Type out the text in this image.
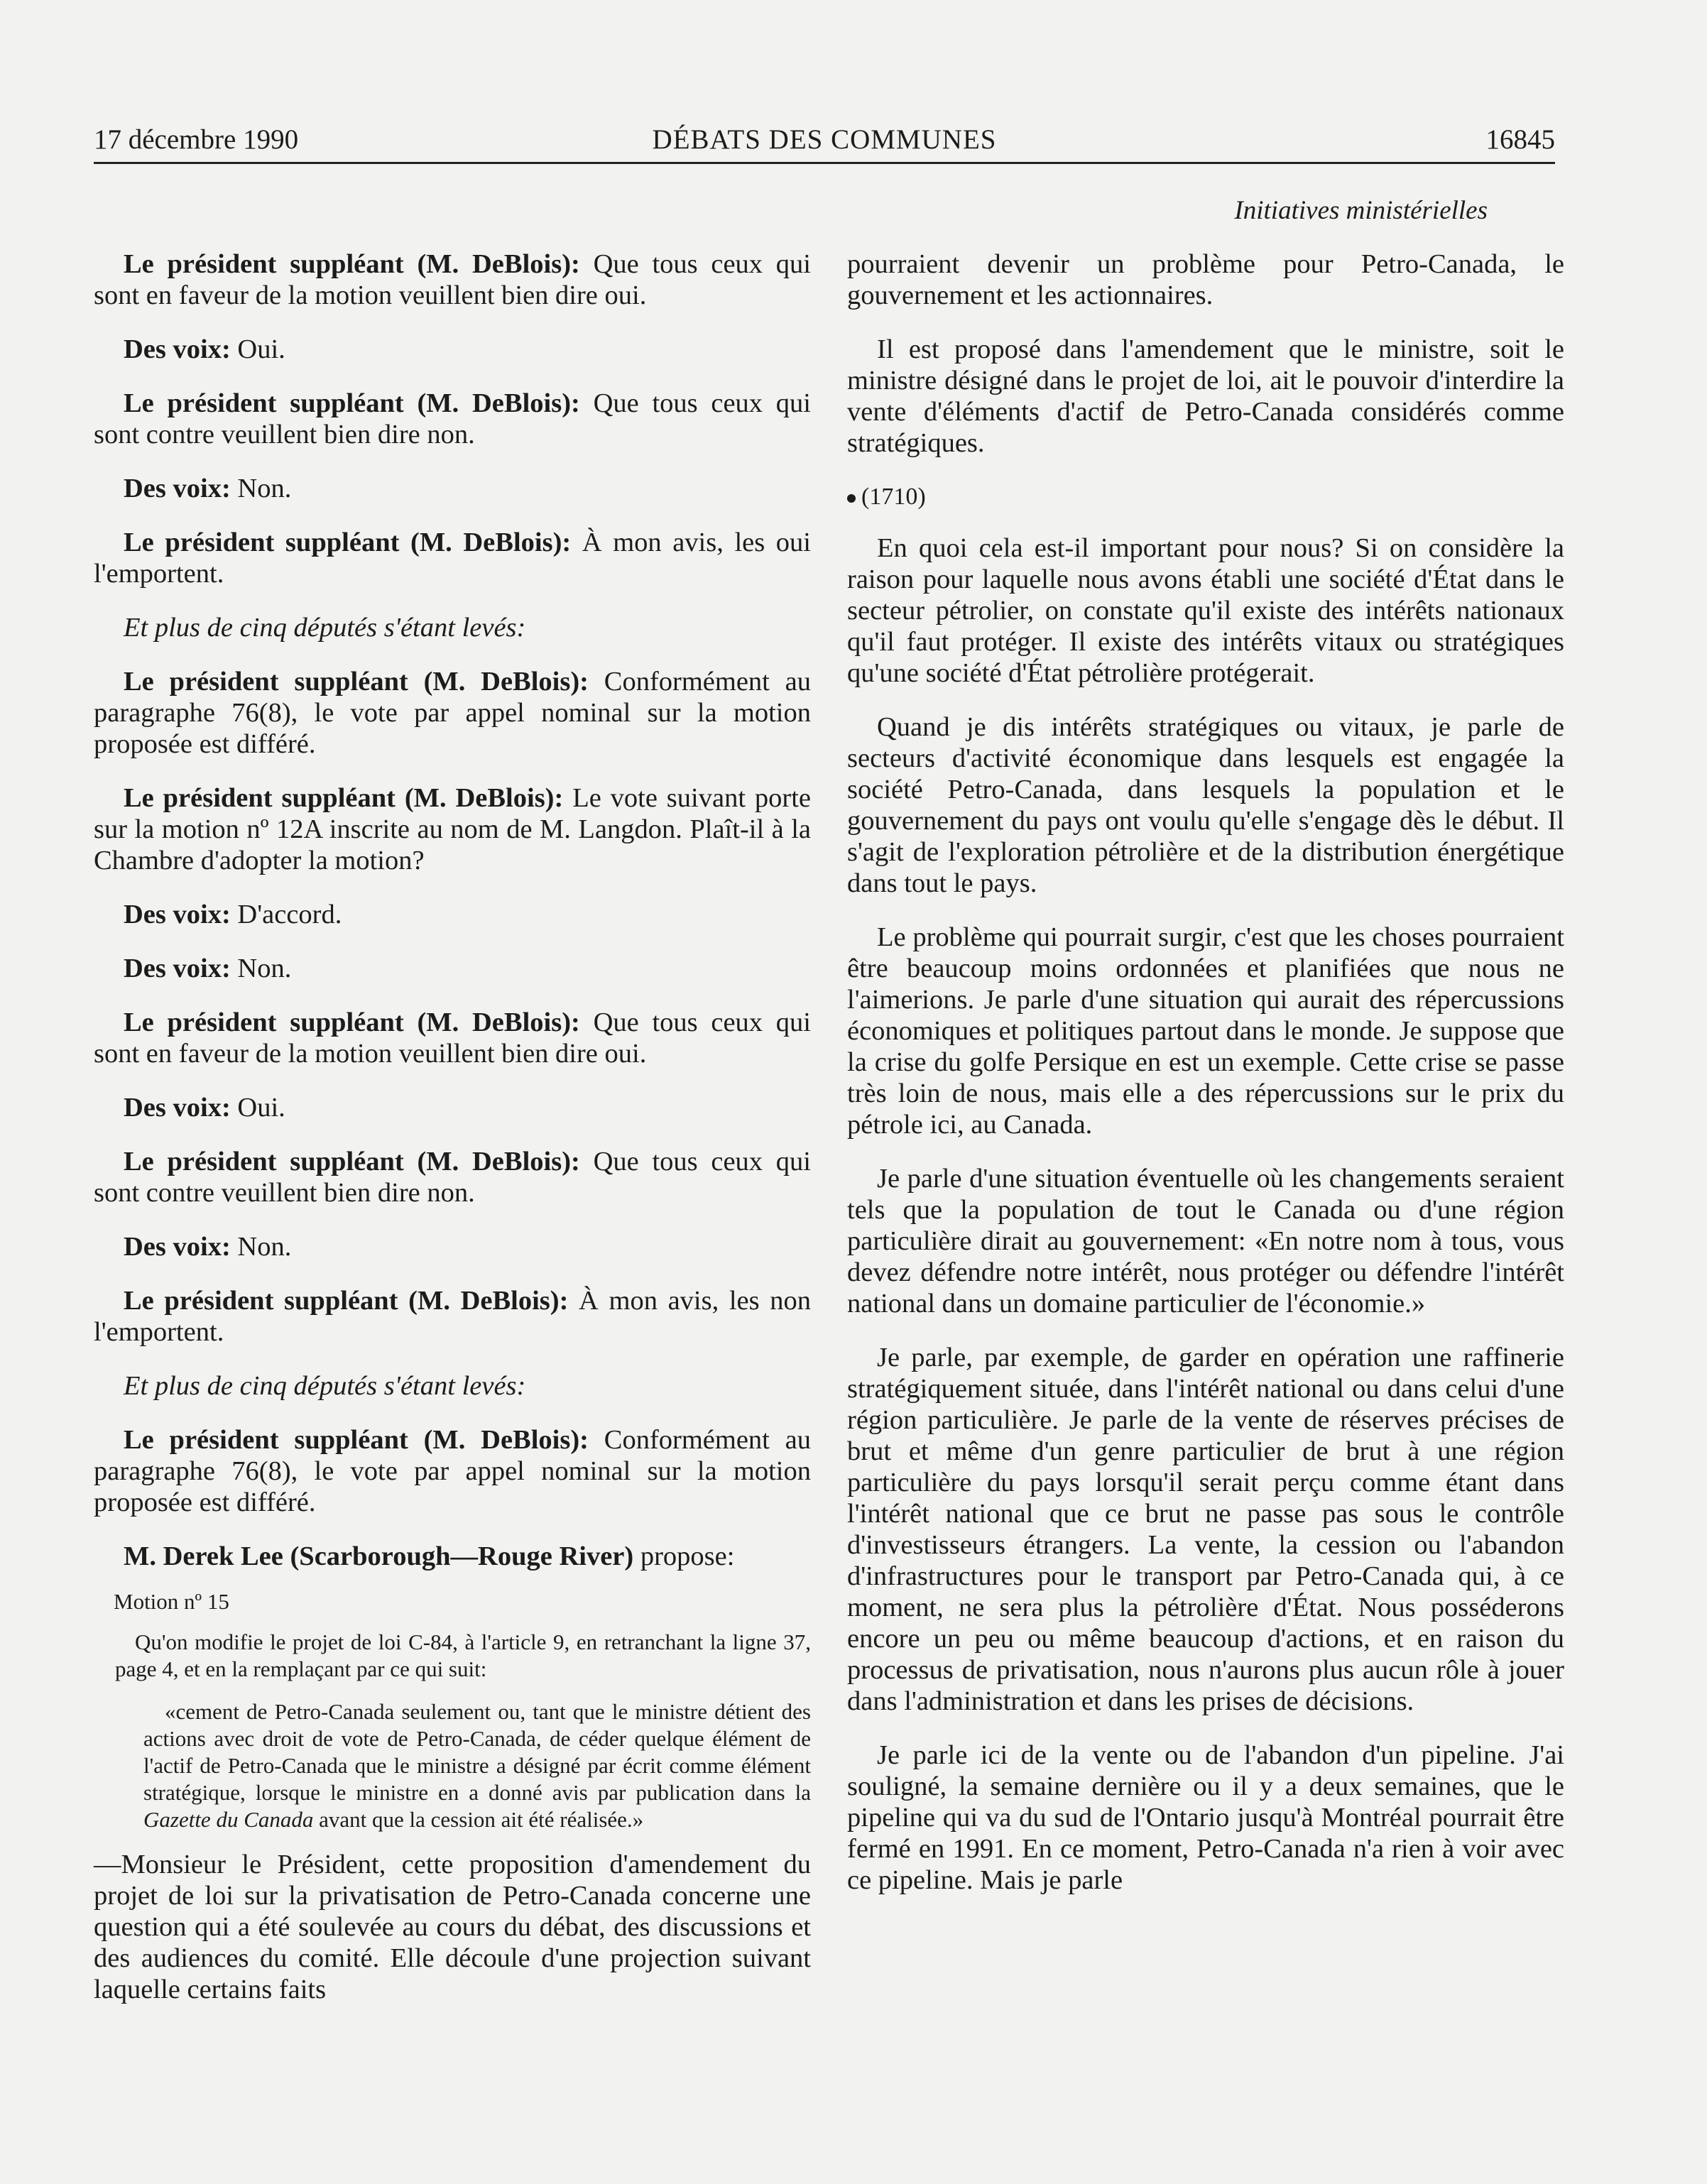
17 décembre 1990	DÉBATS DES COMMUNES	16845
Initiatives ministérielles

Le président suppléant (M. DeBlois): Que tous ceux qui sont en faveur de la motion veuillent bien dire oui.

Des voix: Oui.

Le président suppléant (M. DeBlois): Que tous ceux qui sont contre veuillent bien dire non.

Des voix: Non.

Le président suppléant (M. DeBlois): À mon avis, les oui l'emportent.

Et plus de cinq députés s'étant levés:

Le président suppléant (M. DeBlois): Conformément au paragraphe 76(8), le vote par appel nominal sur la motion proposée est différé.

Le président suppléant (M. DeBlois): Le vote suivant porte sur la motion nº 12A inscrite au nom de M. Langdon. Plaît-il à la Chambre d'adopter la motion?

Des voix: D'accord.

Des voix: Non.

Le président suppléant (M. DeBlois): Que tous ceux qui sont en faveur de la motion veuillent bien dire oui.

Des voix: Oui.

Le président suppléant (M. DeBlois): Que tous ceux qui sont contre veuillent bien dire non.

Des voix: Non.

Le président suppléant (M. DeBlois): À mon avis, les non l'emportent.

Et plus de cinq députés s'étant levés:

Le président suppléant (M. DeBlois): Conformément au paragraphe 76(8), le vote par appel nominal sur la motion proposée est différé.

M. Derek Lee (Scarborough—Rouge River) propose:

Motion nº 15
Qu'on modifie le projet de loi C-84, à l'article 9, en retranchant la ligne 37, page 4, et en la remplaçant par ce qui suit:
«cement de Petro-Canada seulement ou, tant que le ministre détient des actions avec droit de vote de Petro-Canada, de céder quelque élément de l'actif de Petro-Canada que le ministre a désigné par écrit comme élément stratégique, lorsque le ministre en a donné avis par publication dans la Gazette du Canada avant que la cession ait été réalisée.»

—Monsieur le Président, cette proposition d'amendement du projet de loi sur la privatisation de Petro-Canada concerne une question qui a été soulevée au cours du débat, des discussions et des audiences du comité. Elle découle d'une projection suivant laquelle certains faits

pourraient devenir un problème pour Petro-Canada, le gouvernement et les actionnaires.

Il est proposé dans l'amendement que le ministre, soit le ministre désigné dans le projet de loi, ait le pouvoir d'interdire la vente d'éléments d'actif de Petro-Canada considérés comme stratégiques.

(1710)

En quoi cela est-il important pour nous? Si on considère la raison pour laquelle nous avons établi une société d'État dans le secteur pétrolier, on constate qu'il existe des intérêts nationaux qu'il faut protéger. Il existe des intérêts vitaux ou stratégiques qu'une société d'État pétrolière protégerait.

Quand je dis intérêts stratégiques ou vitaux, je parle de secteurs d'activité économique dans lesquels est engagée la société Petro-Canada, dans lesquels la population et le gouvernement du pays ont voulu qu'elle s'engage dès le début. Il s'agit de l'exploration pétrolière et de la distribution énergétique dans tout le pays.

Le problème qui pourrait surgir, c'est que les choses pourraient être beaucoup moins ordonnées et planifiées que nous ne l'aimerions. Je parle d'une situation qui aurait des répercussions économiques et politiques partout dans le monde. Je suppose que la crise du golfe Persique en est un exemple. Cette crise se passe très loin de nous, mais elle a des répercussions sur le prix du pétrole ici, au Canada.

Je parle d'une situation éventuelle où les changements seraient tels que la population de tout le Canada ou d'une région particulière dirait au gouvernement: «En notre nom à tous, vous devez défendre notre intérêt, nous protéger ou défendre l'intérêt national dans un domaine particulier de l'économie.»

Je parle, par exemple, de garder en opération une raffinerie stratégiquement située, dans l'intérêt national ou dans celui d'une région particulière. Je parle de la vente de réserves précises de brut et même d'un genre particulier de brut à une région particulière du pays lorsqu'il serait perçu comme étant dans l'intérêt national que ce brut ne passe pas sous le contrôle d'investisseurs étrangers. La vente, la cession ou l'abandon d'infrastructures pour le transport par Petro-Canada qui, à ce moment, ne sera plus la pétrolière d'État. Nous posséderons encore un peu ou même beaucoup d'actions, et en raison du processus de privatisation, nous n'aurons plus aucun rôle à jouer dans l'administration et dans les prises de décisions.

Je parle ici de la vente ou de l'abandon d'un pipeline. J'ai souligné, la semaine dernière ou il y a deux semaines, que le pipeline qui va du sud de l'Ontario jusqu'à Montréal pourrait être fermé en 1991. En ce moment, Petro-Canada n'a rien à voir avec ce pipeline. Mais je parle
